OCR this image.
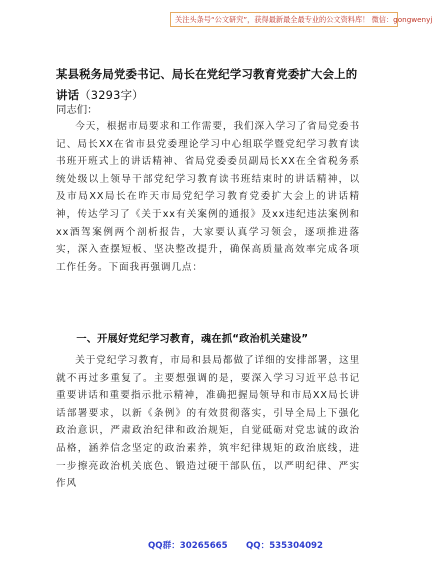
关注头条号“公文研究”，获得最新最全最专业的公文资料库！ 微信：gongwenyj
某县税务局党委书记、局长在党纪学习教育党委扩大会上的讲话（3293字）
同志们：

今天，根据市局要求和工作需要，我们深入学习了省局党委书记、局长XX在省市县党委理论学习中心组联学暨党纪学习教育读书班开班式上的讲话精神、省局党委委员副局长XX在全省税务系统处级以上领导干部党纪学习教育读书班结束时的讲话精神，以及市局XX局长在昨天市局党纪学习教育党委扩大会上的讲话精神，传达学习了《关于xx有关案例的通报》及xx违纪违法案例和xx酒驾案例两个剖析报告，大家要认真学习领会，逐项推进落实，深入查摆短板、坚决整改提升，确保高质量高效率完成各项工作任务。下面我再强调几点：

一、开展好党纪学习教育，魂在抓“政治机关建设”

关于党纪学习教育，市局和县局都做了详细的安排部署，这里就不再过多重复了。主要想强调的是，要深入学习习近平总书记重要讲话和重要指示批示精神，准确把握局领导和市局XX局长讲话部署要求，以新《条例》的有效贯彻落实，引导全局上下强化政治意识，严肃政治纪律和政治规矩，自觉砥砺对党忠诚的政治品格，涵养信念坚定的政治素养，筑牢纪律规矩的政治底线，进一步擦亮政治机关底色、锻造过硬干部队伍，以严明纪律、严实作风

QQ群：30265665 QQ：535304092
